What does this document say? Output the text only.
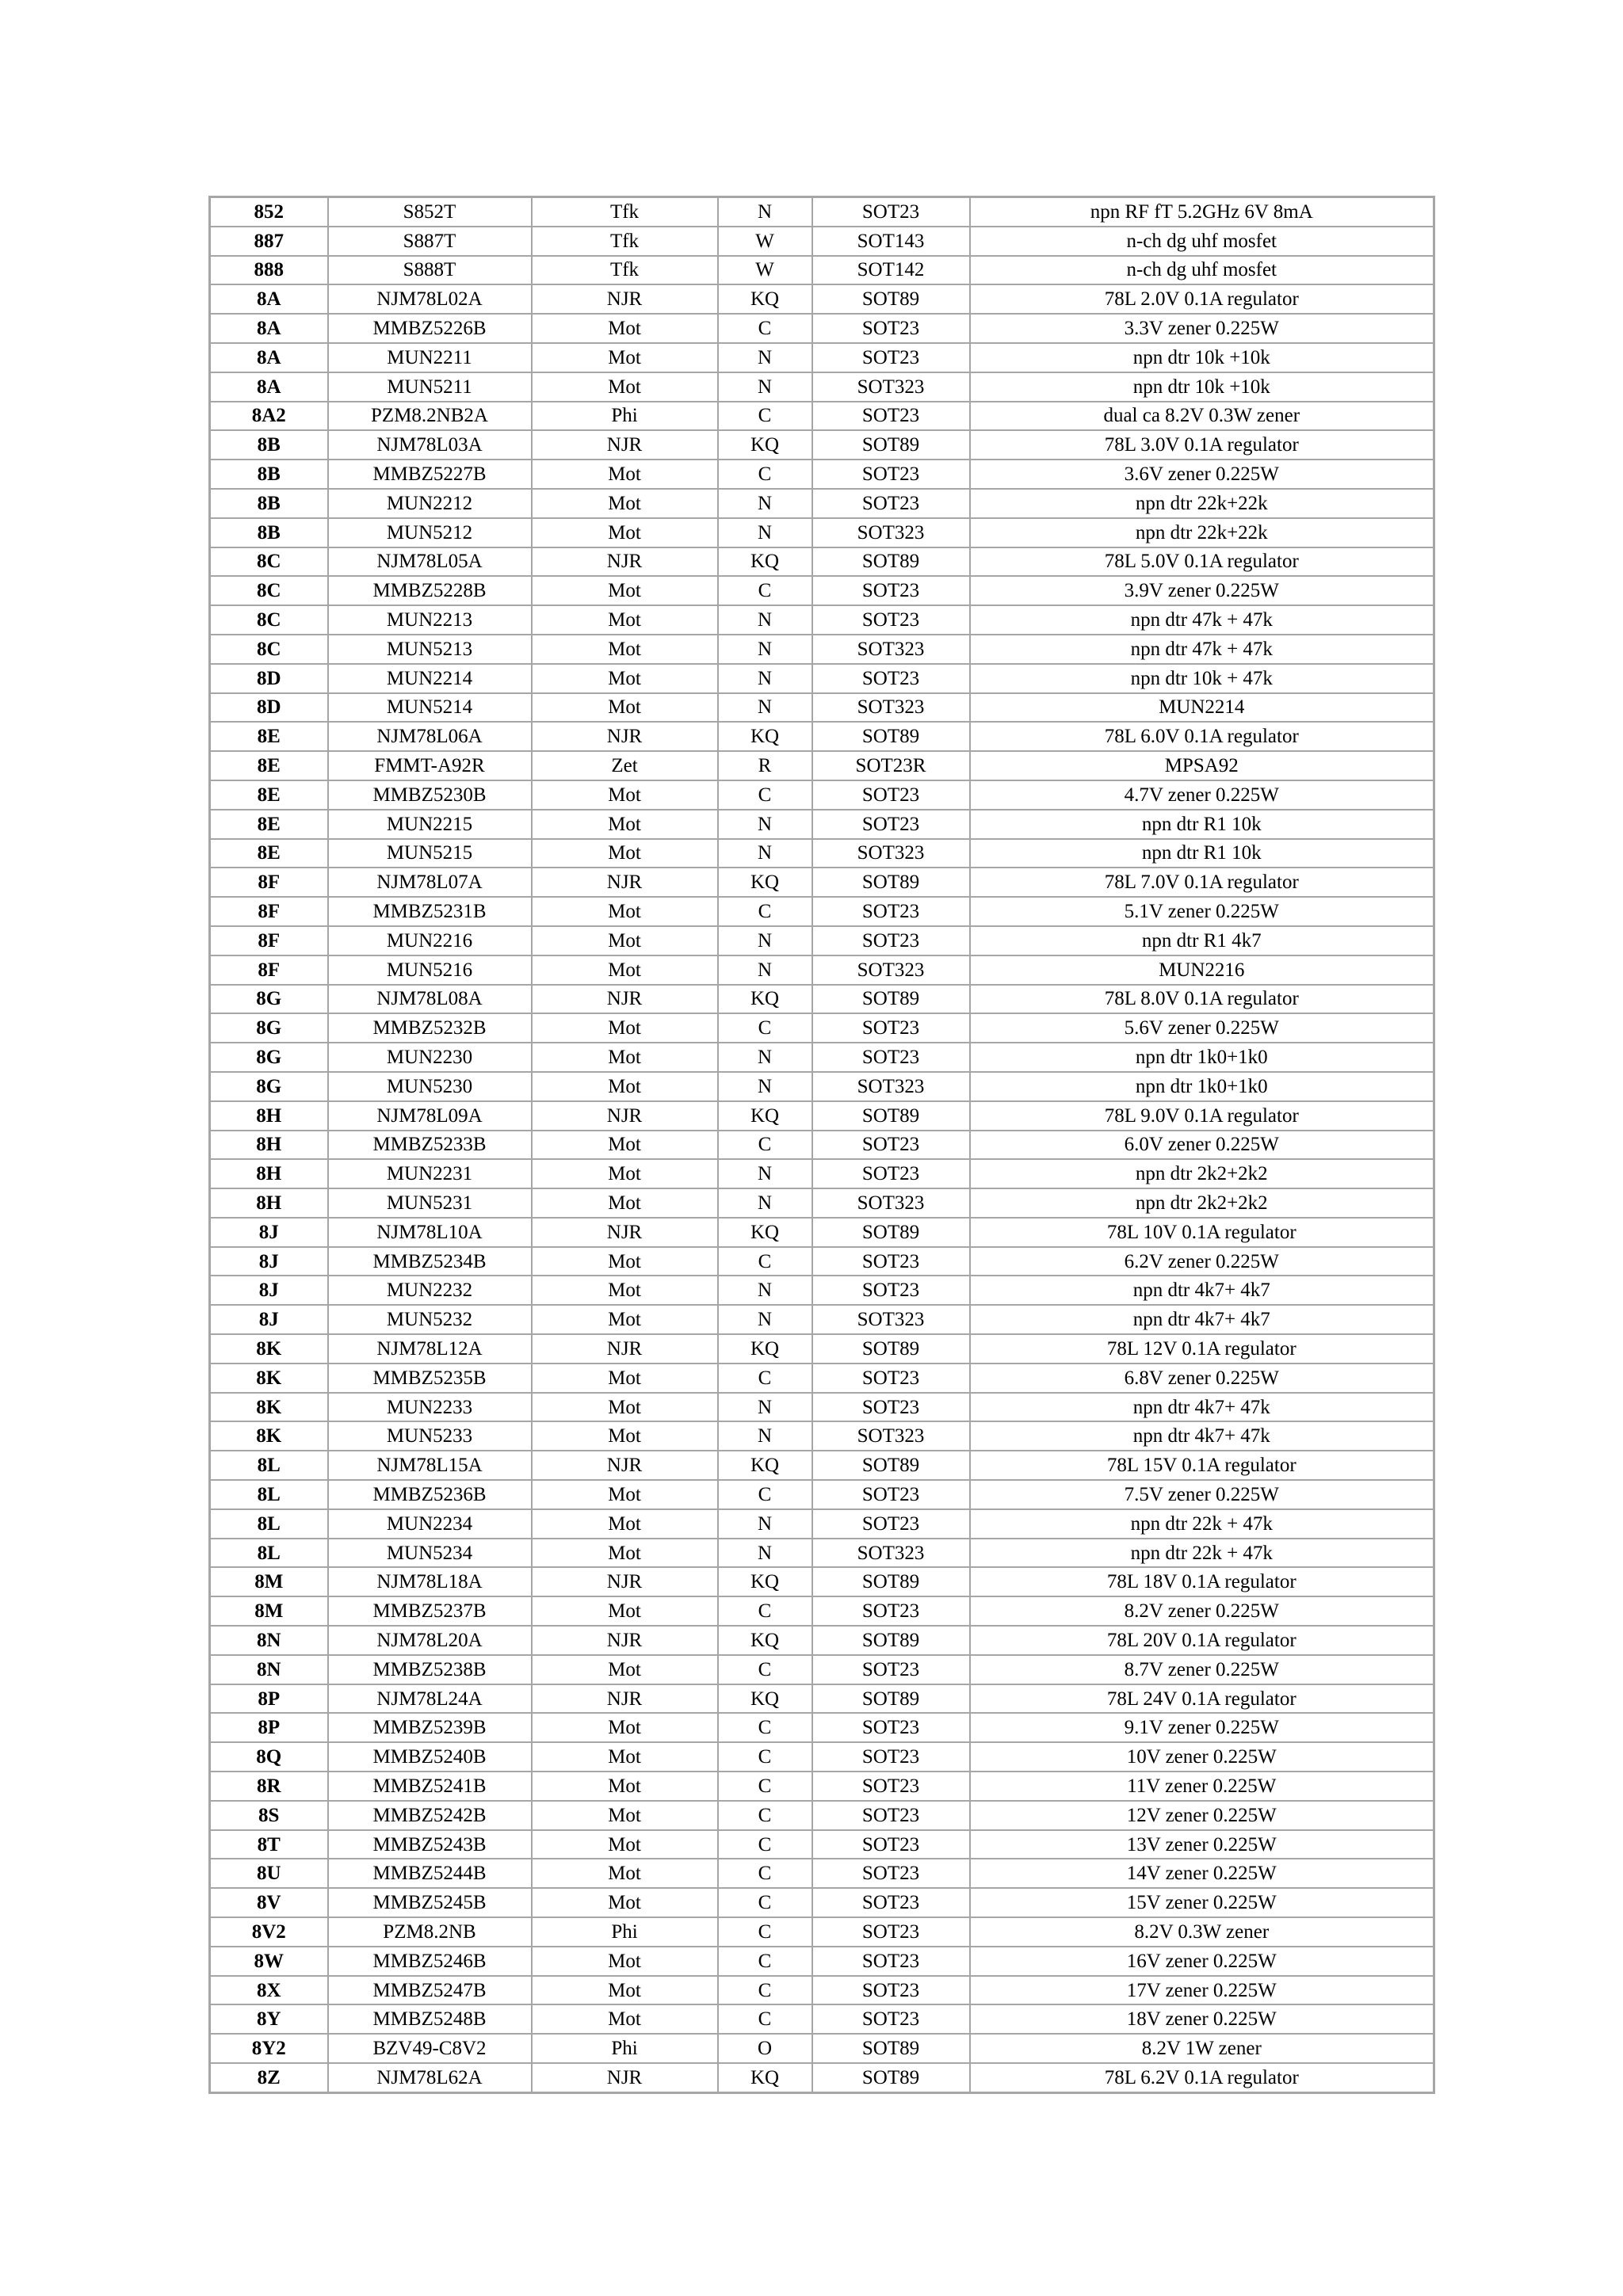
852	S852T	Tfk	N	SOT23	npn RF fT 5.2GHz 6V 8mA
887	S887T	Tfk	W	SOT143	n-ch dg uhf mosfet
888	S888T	Tfk	W	SOT142	n-ch dg uhf mosfet
8A	NJM78L02A	NJR	KQ	SOT89	78L 2.0V 0.1A regulator
8A	MMBZ5226B	Mot	C	SOT23	3.3V zener 0.225W
8A	MUN2211	Mot	N	SOT23	npn dtr 10k +10k
8A	MUN5211	Mot	N	SOT323	npn dtr 10k +10k
8A2	PZM8.2NB2A	Phi	C	SOT23	dual ca 8.2V 0.3W zener
8B	NJM78L03A	NJR	KQ	SOT89	78L 3.0V 0.1A regulator
8B	MMBZ5227B	Mot	C	SOT23	3.6V zener 0.225W
8B	MUN2212	Mot	N	SOT23	npn dtr 22k+22k
8B	MUN5212	Mot	N	SOT323	npn dtr 22k+22k
8C	NJM78L05A	NJR	KQ	SOT89	78L 5.0V 0.1A regulator
8C	MMBZ5228B	Mot	C	SOT23	3.9V zener 0.225W
8C	MUN2213	Mot	N	SOT23	npn dtr 47k + 47k
8C	MUN5213	Mot	N	SOT323	npn dtr 47k + 47k
8D	MUN2214	Mot	N	SOT23	npn dtr 10k + 47k
8D	MUN5214	Mot	N	SOT323	MUN2214
8E	NJM78L06A	NJR	KQ	SOT89	78L 6.0V 0.1A regulator
8E	FMMT-A92R	Zet	R	SOT23R	MPSA92
8E	MMBZ5230B	Mot	C	SOT23	4.7V zener 0.225W
8E	MUN2215	Mot	N	SOT23	npn dtr R1 10k
8E	MUN5215	Mot	N	SOT323	npn dtr R1 10k
8F	NJM78L07A	NJR	KQ	SOT89	78L 7.0V 0.1A regulator
8F	MMBZ5231B	Mot	C	SOT23	5.1V zener 0.225W
8F	MUN2216	Mot	N	SOT23	npn dtr R1 4k7
8F	MUN5216	Mot	N	SOT323	MUN2216
8G	NJM78L08A	NJR	KQ	SOT89	78L 8.0V 0.1A regulator
8G	MMBZ5232B	Mot	C	SOT23	5.6V zener 0.225W
8G	MUN2230	Mot	N	SOT23	npn dtr 1k0+1k0
8G	MUN5230	Mot	N	SOT323	npn dtr 1k0+1k0
8H	NJM78L09A	NJR	KQ	SOT89	78L 9.0V 0.1A regulator
8H	MMBZ5233B	Mot	C	SOT23	6.0V zener 0.225W
8H	MUN2231	Mot	N	SOT23	npn dtr 2k2+2k2
8H	MUN5231	Mot	N	SOT323	npn dtr 2k2+2k2
8J	NJM78L10A	NJR	KQ	SOT89	78L 10V 0.1A regulator
8J	MMBZ5234B	Mot	C	SOT23	6.2V zener 0.225W
8J	MUN2232	Mot	N	SOT23	npn dtr 4k7+ 4k7
8J	MUN5232	Mot	N	SOT323	npn dtr 4k7+ 4k7
8K	NJM78L12A	NJR	KQ	SOT89	78L 12V 0.1A regulator
8K	MMBZ5235B	Mot	C	SOT23	6.8V zener 0.225W
8K	MUN2233	Mot	N	SOT23	npn dtr 4k7+ 47k
8K	MUN5233	Mot	N	SOT323	npn dtr 4k7+ 47k
8L	NJM78L15A	NJR	KQ	SOT89	78L 15V 0.1A regulator
8L	MMBZ5236B	Mot	C	SOT23	7.5V zener 0.225W
8L	MUN2234	Mot	N	SOT23	npn dtr 22k + 47k
8L	MUN5234	Mot	N	SOT323	npn dtr 22k + 47k
8M	NJM78L18A	NJR	KQ	SOT89	78L 18V 0.1A regulator
8M	MMBZ5237B	Mot	C	SOT23	8.2V zener 0.225W
8N	NJM78L20A	NJR	KQ	SOT89	78L 20V 0.1A regulator
8N	MMBZ5238B	Mot	C	SOT23	8.7V zener 0.225W
8P	NJM78L24A	NJR	KQ	SOT89	78L 24V 0.1A regulator
8P	MMBZ5239B	Mot	C	SOT23	9.1V zener 0.225W
8Q	MMBZ5240B	Mot	C	SOT23	10V zener 0.225W
8R	MMBZ5241B	Mot	C	SOT23	11V zener 0.225W
8S	MMBZ5242B	Mot	C	SOT23	12V zener 0.225W
8T	MMBZ5243B	Mot	C	SOT23	13V zener 0.225W
8U	MMBZ5244B	Mot	C	SOT23	14V zener 0.225W
8V	MMBZ5245B	Mot	C	SOT23	15V zener 0.225W
8V2	PZM8.2NB	Phi	C	SOT23	8.2V 0.3W zener
8W	MMBZ5246B	Mot	C	SOT23	16V zener 0.225W
8X	MMBZ5247B	Mot	C	SOT23	17V zener 0.225W
8Y	MMBZ5248B	Mot	C	SOT23	18V zener 0.225W
8Y2	BZV49-C8V2	Phi	O	SOT89	8.2V 1W zener
8Z	NJM78L62A	NJR	KQ	SOT89	78L 6.2V 0.1A regulator
